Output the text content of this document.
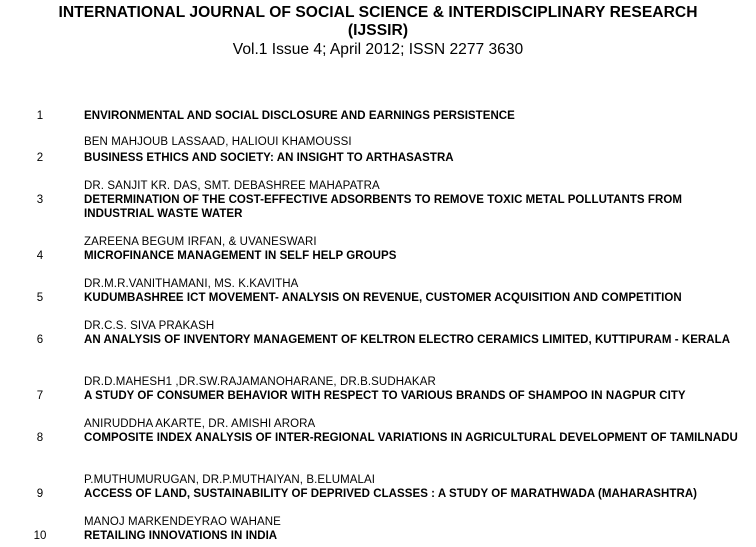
INTERNATIONAL JOURNAL OF SOCIAL SCIENCE & INTERDISCIPLINARY RESEARCH
(IJSSIR)
Vol.1 Issue 4; April 2012; ISSN 2277 3630
1	ENVIRONMENTAL AND SOCIAL DISCLOSURE AND EARNINGS PERSISTENCE
BEN MAHJOUB LASSAAD, HALIOUI KHAMOUSSI
2	BUSINESS ETHICS AND SOCIETY: AN INSIGHT TO ARTHASASTRA
DR. SANJIT KR. DAS, SMT. DEBASHREE MAHAPATRA
3	DETERMINATION OF THE COST-EFFECTIVE ADSORBENTS TO REMOVE TOXIC METAL POLLUTANTS FROM INDUSTRIAL WASTE WATER
ZAREENA BEGUM IRFAN, & UVANESWARI
4	MICROFINANCE MANAGEMENT IN SELF HELP GROUPS
DR.M.R.VANITHAMANI, MS. K.KAVITHA
5	KUDUMBASHREE ICT MOVEMENT- ANALYSIS ON REVENUE, CUSTOMER ACQUISITION AND COMPETITION
DR.C.S. SIVA PRAKASH
6	AN ANALYSIS OF INVENTORY MANAGEMENT OF KELTRON ELECTRO CERAMICS LIMITED, KUTTIPURAM - KERALA
DR.D.MAHESH1 ,DR.SW.RAJAMANOHARANE, DR.B.SUDHAKAR
7	A STUDY OF CONSUMER BEHAVIOR WITH RESPECT TO VARIOUS BRANDS OF SHAMPOO IN NAGPUR CITY
ANIRUDDHA AKARTE, DR. AMISHI ARORA
8	COMPOSITE INDEX ANALYSIS OF INTER-REGIONAL VARIATIONS IN AGRICULTURAL DEVELOPMENT OF TAMILNADU
P.MUTHUMURUGAN, DR.P.MUTHAIYAN, B.ELUMALAI
9	ACCESS OF LAND, SUSTAINABILITY OF DEPRIVED CLASSES : A STUDY OF MARATHWADA (MAHARASHTRA)
MANOJ MARKENDEYRAO WAHANE
10	RETAILING INNOVATIONS IN INDIA
